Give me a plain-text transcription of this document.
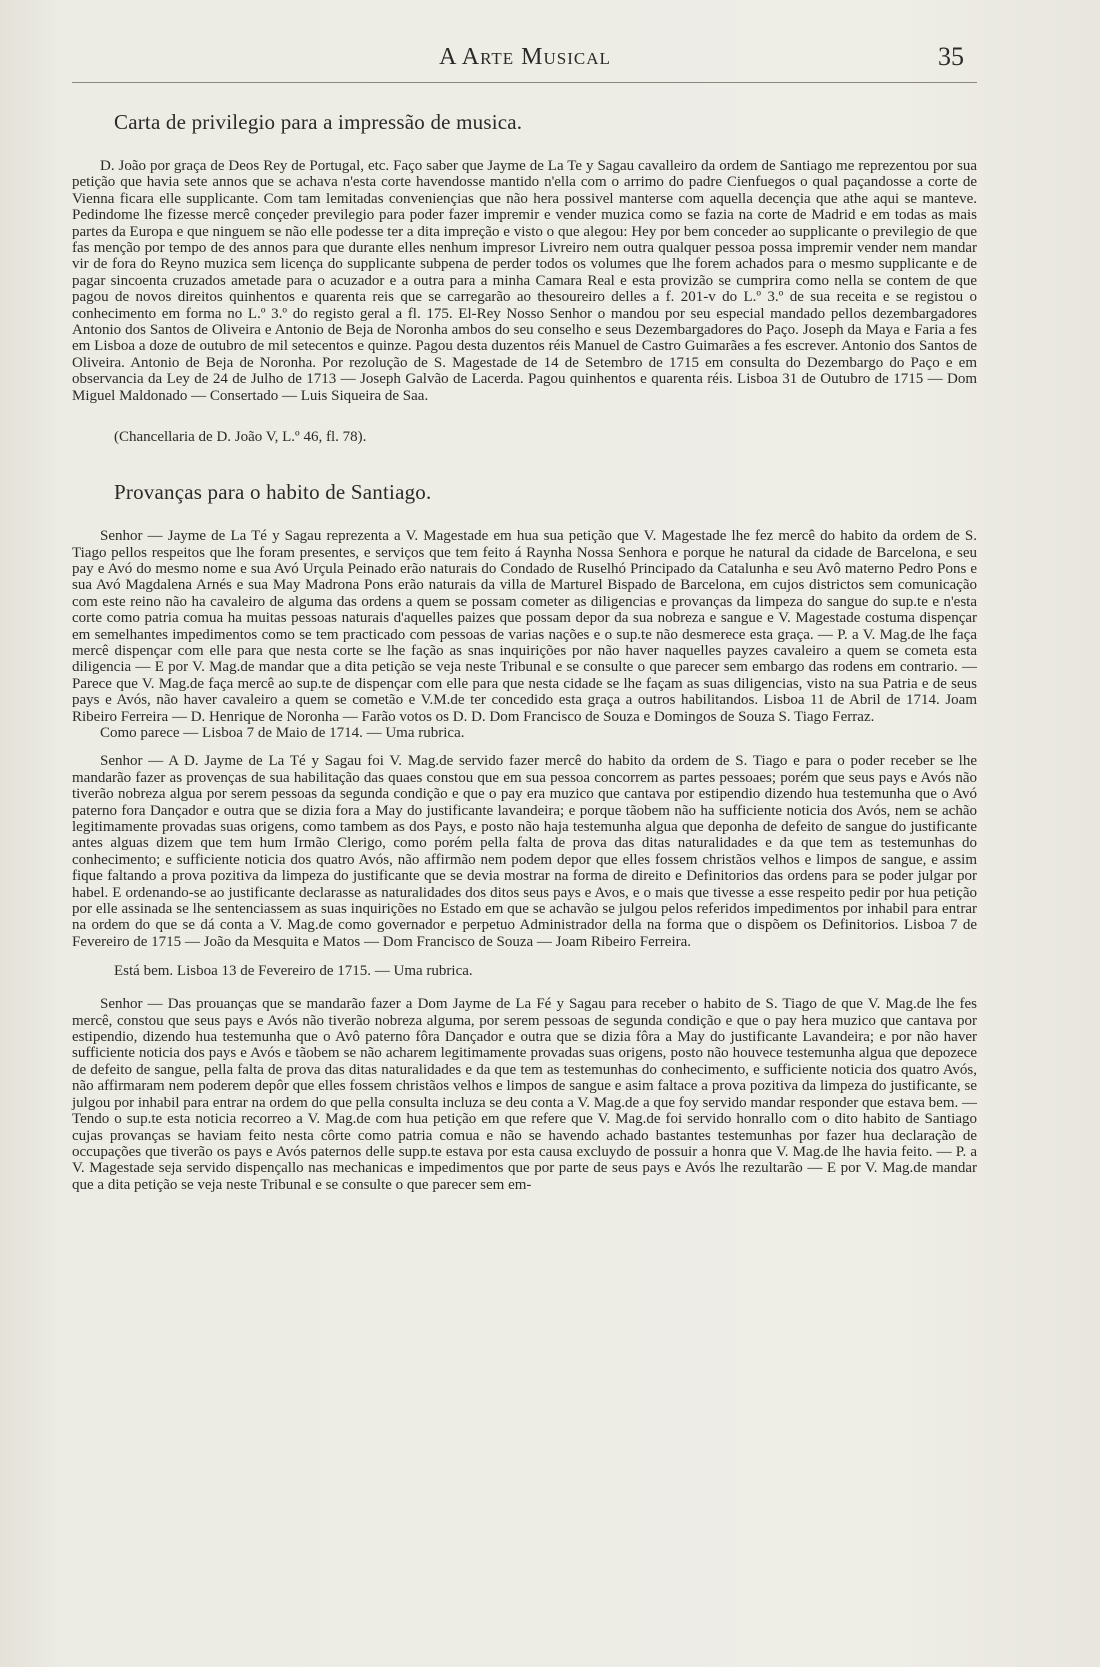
A Arte Musical	35
Carta de privilegio para a impressão de musica.

D. João por graça de Deos Rey de Portugal, etc. Faço saber que Jayme de La Te y Sagau cavalleiro da ordem de Santiago me reprezentou por sua petição que havia sete annos que se achava n'esta corte havendosse mantido n'ella com o arrimo do padre Cienfuegos o qual paçandosse a corte de Vienna ficara elle supplicante. Com tam lemitadas conveniençias que não hera possivel manterse com aquella decençia que athe aqui se manteve. Pedindome lhe fizesse mercê conçeder previlegio para poder fazer impremir e vender muzica como se fazia na corte de Madrid e em todas as mais partes da Europa e que ninguem se não elle podesse ter a dita impreção e visto o que alegou: Hey por bem conceder ao supplicante o previlegio de que fas menção por tempo de des annos para que durante elles nenhum impresor Livreiro nem outra qualquer pessoa possa impremir vender nem mandar vir de fora do Reyno muzica sem licença do supplicante subpena de perder todos os volumes que lhe forem achados para o mesmo supplicante e de pagar sincoenta cruzados ametade para o acuzador e a outra para a minha Camara Real e esta provizão se cumprira como nella se contem de que pagou de novos direitos quinhentos e quarenta reis que se carregarão ao thesoureiro delles a f. 201-v do L.º 3.º de sua receita e se registou o conhecimento em forma no L.º 3.º do registo geral a fl. 175. El-Rey Nosso Senhor o mandou por seu especial mandado pellos dezembargadores Antonio dos Santos de Oliveira e Antonio de Beja de Noronha ambos do seu conselho e seus Dezembargadores do Paço. Joseph da Maya e Faria a fes em Lisboa a doze de outubro de mil setecentos e quinze. Pagou desta duzentos réis Manuel de Castro Guimarães a fes escrever. Antonio dos Santos de Oliveira. Antonio de Beja de Noronha. Por rezolução de S. Magestade de 14 de Setembro de 1715 em consulta do Dezembargo do Paço e em observancia da Ley de 24 de Julho de 1713 — Joseph Galvão de Lacerda. Pagou quinhentos e quarenta réis. Lisboa 31 de Outubro de 1715 — Dom Miguel Maldonado — Consertado — Luis Siqueira de Saa.

(Chancellaria de D. João V, L.º 46, fl. 78).

Provanças para o habito de Santiago.

Senhor — Jayme de La Té y Sagau reprezenta a V. Magestade em hua sua petição que V. Magestade lhe fez mercê do habito da ordem de S. Tiago pellos respeitos que lhe foram presentes, e serviços que tem feito á Raynha Nossa Senhora e porque he natural da cidade de Barcelona, e seu pay e Avó do mesmo nome e sua Avó Urçula Peinado erão naturais do Condado de Ruselhó Principado da Catalunha e seu Avô materno Pedro Pons e sua Avó Magdalena Arnés e sua May Madrona Pons erão naturais da villa de Marturel Bispado de Barcelona, em cujos districtos sem comunicação com este reino não ha cavaleiro de alguma das ordens a quem se possam cometer as diligencias e provanças da limpeza do sangue do sup.te e n'esta corte como patria comua ha muitas pessoas naturais d'aquelles paizes que possam depor da sua nobreza e sangue e V. Magestade costuma dispençar em semelhantes impedimentos como se tem practicado com pessoas de varias nações e o sup.te não desmerece esta graça. — P. a V. Mag.de lhe faça mercê dispençar com elle para que nesta corte se lhe fação as snas inquirições por não haver naquelles payzes cavaleiro a quem se cometa esta diligencia — E por V. Mag.de mandar que a dita petição se veja neste Tribunal e se consulte o que parecer sem embargo das rodens em contrario. — Parece que V. Mag.de faça mercê ao sup.te de dispençar com elle para que nesta cidade se lhe façam as suas diligencias, visto na sua Patria e de seus pays e Avós, não haver cavaleiro a quem se cometão e V.M.de ter concedido esta graça a outros habilitandos. Lisboa 11 de Abril de 1714. Joam Ribeiro Ferreira — D. Henrique de Noronha — Farão votos os D. D. Dom Francisco de Souza e Domingos de Souza S. Tiago Ferraz.

Como parece — Lisboa 7 de Maio de 1714. — Uma rubrica.

Senhor — A D. Jayme de La Té y Sagau foi V. Mag.de servido fazer mercê do habito da ordem de S. Tiago e para o poder receber se lhe mandarão fazer as provenças de sua habilitação das quaes constou que em sua pessoa concorrem as partes pessoaes; porém que seus pays e Avós não tiverão nobreza algua por serem pessoas da segunda condição e que o pay era muzico que cantava por estipendio dizendo hua testemunha que o Avó paterno fora Dançador e outra que se dizia fora a May do justificante lavandeira; e porque tãobem não ha sufficiente noticia dos Avós, nem se achão legitimamente provadas suas origens, como tambem as dos Pays, e posto não haja testemunha algua que deponha de defeito de sangue do justificante antes alguas dizem que tem hum Irmão Clerigo, como porém pella falta de prova das ditas naturalidades e da que tem as testemunhas do conhecimento; e sufficiente noticia dos quatro Avós, não affirmão nem podem depor que elles fossem christãos velhos e limpos de sangue, e assim fique faltando a prova pozitiva da limpeza do justificante que se devia mostrar na forma de direito e Definitorios das ordens para se poder julgar por habel. E ordenando-se ao justificante declarasse as naturalidades dos ditos seus pays e Avos, e o mais que tivesse a esse respeito pedir por hua petição por elle assinada se lhe sentenciassem as suas inquirições no Estado em que se achavão se julgou pelos referidos impedimentos por inhabil para entrar na ordem do que se dá conta a V. Mag.de como governador e perpetuo Administrador della na forma que o dispõem os Definitorios. Lisboa 7 de Fevereiro de 1715 — João da Mesquita e Matos — Dom Francisco de Souza — Joam Ribeiro Ferreira.

Está bem. Lisboa 13 de Fevereiro de 1715. — Uma rubrica.

Senhor — Das prouanças que se mandarão fazer a Dom Jayme de La Fé y Sagau para receber o habito de S. Tiago de que V. Mag.de lhe fes mercê, constou que seus pays e Avós não tiverão nobreza alguma, por serem pessoas de segunda condição e que o pay hera muzico que cantava por estipendio, dizendo hua testemunha que o Avô paterno fôra Dançador e outra que se dizia fôra a May do justificante Lavandeira; e por não haver sufficiente noticia dos pays e Avós e tãobem se não acharem legitimamente provadas suas origens, posto não houvece testemunha algua que depozece de defeito de sangue, pella falta de prova das ditas naturalidades e da que tem as testemunhas do conhecimento, e sufficiente noticia dos quatro Avós, não affirmaram nem poderem depôr que elles fossem christãos velhos e limpos de sangue e asim faltace a prova pozitiva da limpeza do justificante, se julgou por inhabil para entrar na ordem do que pella consulta incluza se deu conta a V. Mag.de a que foy servido mandar responder que estava bem. — Tendo o sup.te esta noticia recorreo a V. Mag.de com hua petição em que refere que V. Mag.de foi servido honrallo com o dito habito de Santiago cujas provanças se haviam feito nesta côrte como patria comua e não se havendo achado bastantes testemunhas por fazer hua declaração de occupações que tiverão os pays e Avós paternos delle supp.te estava por esta causa excluydo de possuir a honra que V. Mag.de lhe havia feito. — P. a V. Magestade seja servido dispençallo nas mechanicas e impedimentos que por parte de seus pays e Avós lhe rezultarão — E por V. Mag.de mandar que a dita petição se veja neste Tribunal e se consulte o que parecer sem em-
